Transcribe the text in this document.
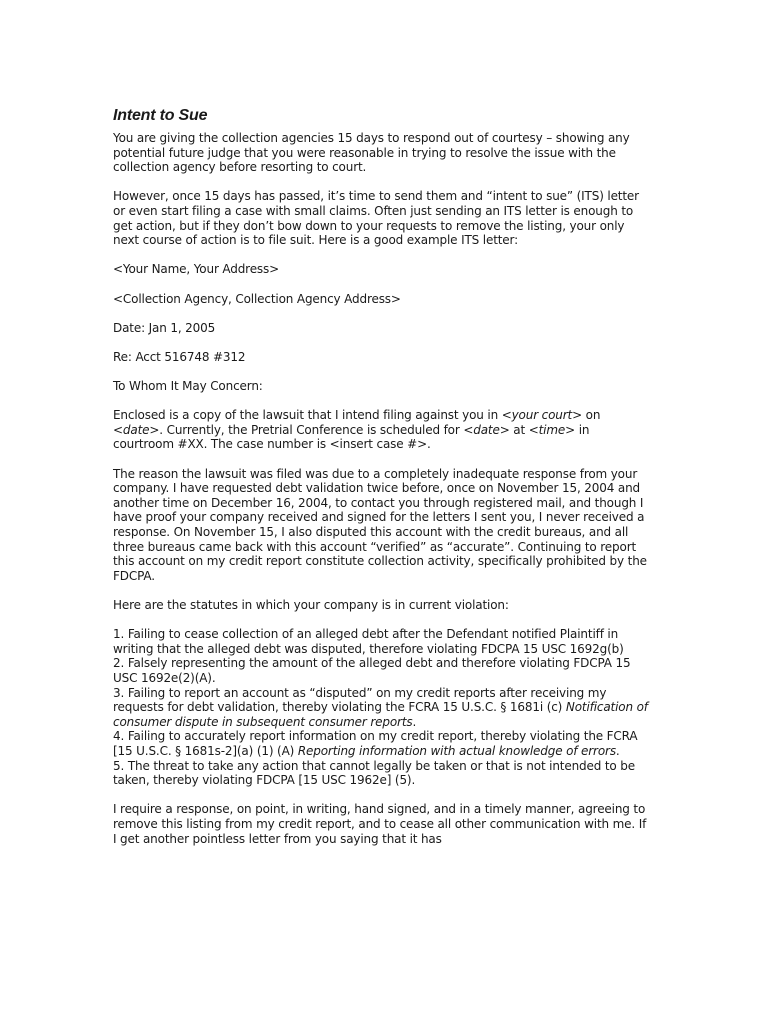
Intent to Sue

You are giving the collection agencies 15 days to respond out of courtesy – showing any potential future judge that you were reasonable in trying to resolve the issue with the collection agency before resorting to court.

However, once 15 days has passed, it’s time to send them and “intent to sue” (ITS) letter or even start filing a case with small claims. Often just sending an ITS letter is enough to get action, but if they don’t bow down to your requests to remove the listing, your only next course of action is to file suit. Here is a good example ITS letter:

<Your Name, Your Address>

<Collection Agency, Collection Agency Address>

Date: Jan 1, 2005

Re: Acct 516748 #312

To Whom It May Concern:

Enclosed is a copy of the lawsuit that I intend filing against you in <your court> on <date>. Currently, the Pretrial Conference is scheduled for <date> at <time> in courtroom #XX. The case number is <insert case #>.

The reason the lawsuit was filed was due to a completely inadequate response from your company. I have requested debt validation twice before, once on November 15, 2004 and another time on December 16, 2004, to contact you through registered mail, and though I have proof your company received and signed for the letters I sent you, I never received a response. On November 15, I also disputed this account with the credit bureaus, and all three bureaus came back with this account “verified” as “accurate”. Continuing to report this account on my credit report constitute collection activity, specifically prohibited by the FDCPA.

Here are the statutes in which your company is in current violation:

1. Failing to cease collection of an alleged debt after the Defendant notified Plaintiff in writing that the alleged debt was disputed, therefore violating FDCPA 15 USC 1692g(b)

2. Falsely representing the amount of the alleged debt and therefore violating FDCPA 15 USC 1692e(2)(A).

3. Failing to report an account as “disputed” on my credit reports after receiving my requests for debt validation, thereby violating the FCRA 15 U.S.C. § 1681i (c) Notification of consumer dispute in subsequent consumer reports.

4. Failing to accurately report information on my credit report, thereby violating the FCRA [15 U.S.C. § 1681s-2](a) (1) (A) Reporting information with actual knowledge of errors.

5. The threat to take any action that cannot legally be taken or that is not intended to be taken, thereby violating FDCPA [15 USC 1962e] (5).

I require a response, on point, in writing, hand signed, and in a timely manner, agreeing to remove this listing from my credit report, and to cease all other communication with me. If I get another pointless letter from you saying that it has
